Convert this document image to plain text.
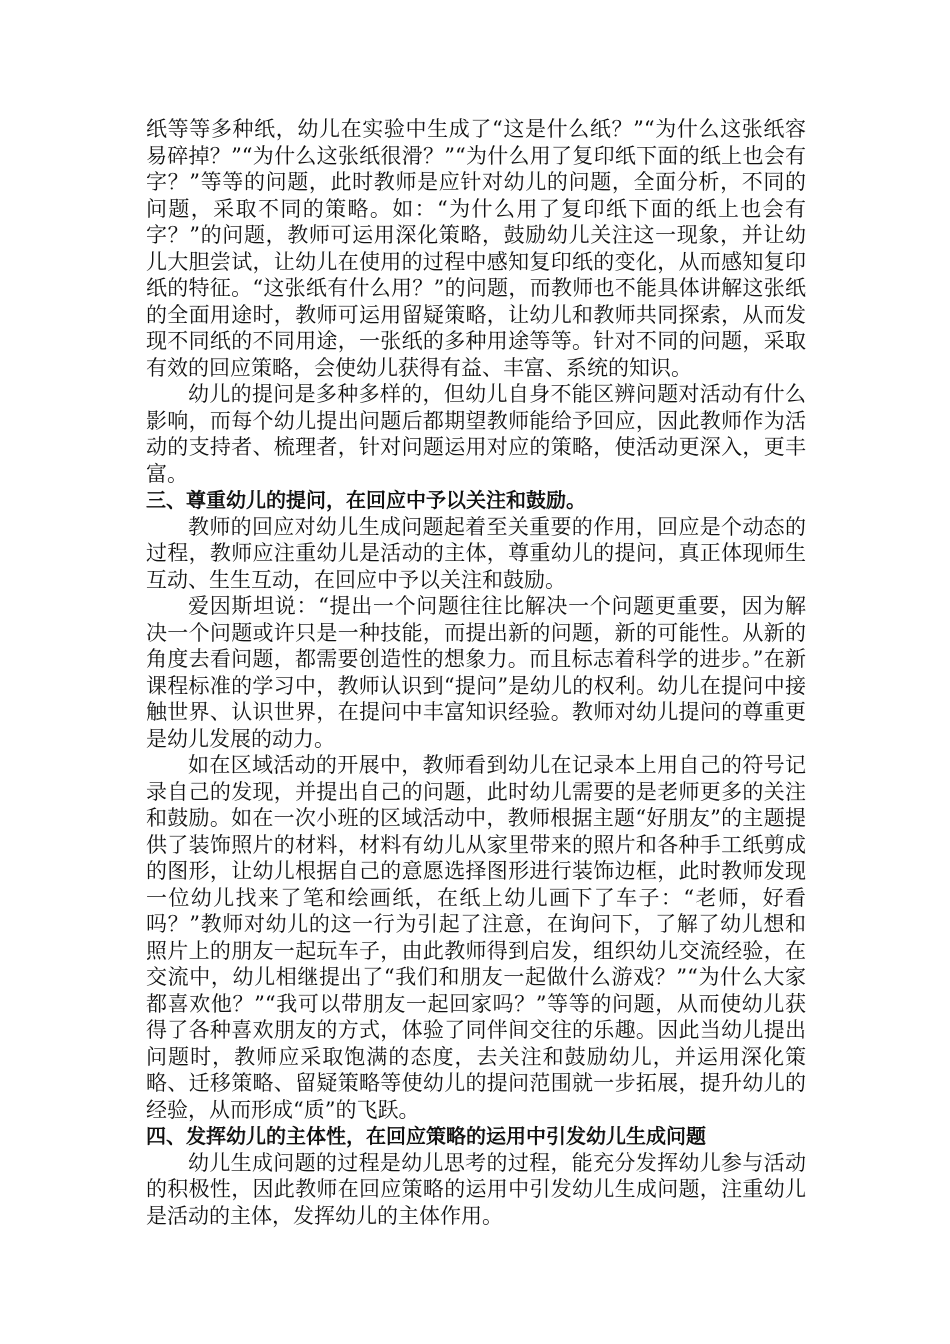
纸等等多种纸，幼儿在实验中生成了“这是什么纸？”“为什么这张纸容易碎掉？”“为什么这张纸很滑？”“为什么用了复印纸下面的纸上也会有字？”等等的问题，此时教师是应针对幼儿的问题，全面分析，不同的问题，采取不同的策略。如：“为什么用了复印纸下面的纸上也会有字？”的问题，教师可运用深化策略，鼓励幼儿关注这一现象，并让幼儿大胆尝试，让幼儿在使用的过程中感知复印纸的变化，从而感知复印纸的特征。“这张纸有什么用？”的问题，而教师也不能具体讲解这张纸的全面用途时，教师可运用留疑策略，让幼儿和教师共同探索，从而发现不同纸的不同用途，一张纸的多种用途等等。针对不同的问题，采取有效的回应策略，会使幼儿获得有益、丰富、系统的知识。

幼儿的提问是多种多样的，但幼儿自身不能区辨问题对活动有什么影响，而每个幼儿提出问题后都期望教师能给予回应，因此教师作为活动的支持者、梳理者，针对问题运用对应的策略，使活动更深入，更丰富。

三、尊重幼儿的提问，在回应中予以关注和鼓励。

教师的回应对幼儿生成问题起着至关重要的作用，回应是个动态的过程，教师应注重幼儿是活动的主体，尊重幼儿的提问，真正体现师生互动、生生互动，在回应中予以关注和鼓励。

爱因斯坦说：“提出一个问题往往比解决一个问题更重要，因为解决一个问题或许只是一种技能，而提出新的问题，新的可能性。从新的角度去看问题，都需要创造性的想象力。而且标志着科学的进步。”在新课程标准的学习中，教师认识到“提问”是幼儿的权利。幼儿在提问中接触世界、认识世界，在提问中丰富知识经验。教师对幼儿提问的尊重更是幼儿发展的动力。

如在区域活动的开展中，教师看到幼儿在记录本上用自己的符号记录自己的发现，并提出自己的问题，此时幼儿需要的是老师更多的关注和鼓励。如在一次小班的区域活动中，教师根据主题“好朋友”的主题提供了装饰照片的材料，材料有幼儿从家里带来的照片和各种手工纸剪成的图形，让幼儿根据自己的意愿选择图形进行装饰边框，此时教师发现一位幼儿找来了笔和绘画纸，在纸上幼儿画下了车子：“老师，好看吗？”教师对幼儿的这一行为引起了注意，在询问下，了解了幼儿想和照片上的朋友一起玩车子，由此教师得到启发，组织幼儿交流经验，在交流中，幼儿相继提出了“我们和朋友一起做什么游戏？”“为什么大家都喜欢他？”“我可以带朋友一起回家吗？”等等的问题，从而使幼儿获得了各种喜欢朋友的方式，体验了同伴间交往的乐趣。因此当幼儿提出问题时，教师应采取饱满的态度，去关注和鼓励幼儿，并运用深化策略、迁移策略、留疑策略等使幼儿的提问范围就一步拓展，提升幼儿的经验，从而形成“质”的飞跃。

四、发挥幼儿的主体性，在回应策略的运用中引发幼儿生成问题

幼儿生成问题的过程是幼儿思考的过程，能充分发挥幼儿参与活动的积极性，因此教师在回应策略的运用中引发幼儿生成问题，注重幼儿是活动的主体，发挥幼儿的主体作用。
